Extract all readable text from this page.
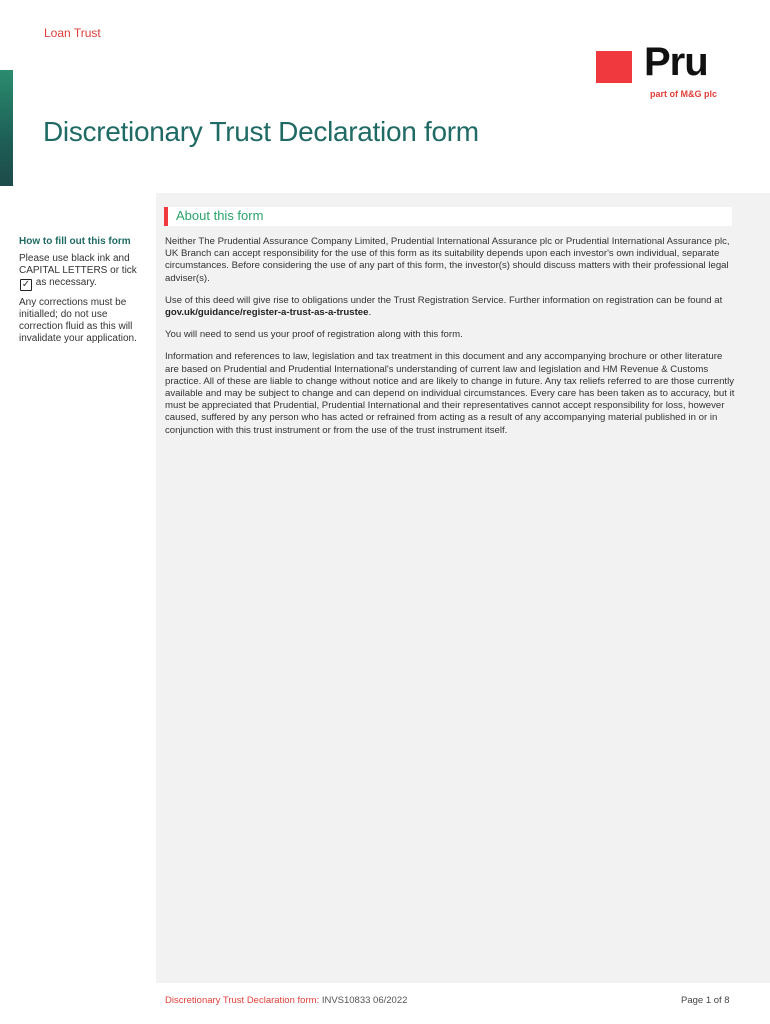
Loan Trust
Pru
part of M&G plc
Discretionary Trust Declaration form
About this form
How to fill out this form

Please use black ink and CAPITAL LETTERS or tick ✓ as necessary.

Any corrections must be initialled; do not use correction fluid as this will invalidate your application.

Neither The Prudential Assurance Company Limited, Prudential International Assurance plc or Prudential International Assurance plc, UK Branch can accept responsibility for the use of this form as its suitability depends upon each investor's own individual, separate circumstances. Before considering the use of any part of this form, the investor(s) should discuss matters with their professional legal adviser(s).

Use of this deed will give rise to obligations under the Trust Registration Service. Further information on registration can be found at gov.uk/guidance/register-a-trust-as-a-trustee.

You will need to send us your proof of registration along with this form.

Information and references to law, legislation and tax treatment in this document and any accompanying brochure or other literature are based on Prudential and Prudential International's understanding of current law and legislation and HM Revenue & Customs practice. All of these are liable to change without notice and are likely to change in future. Any tax reliefs referred to are those currently available and may be subject to change and can depend on individual circumstances. Every care has been taken as to accuracy, but it must be appreciated that Prudential, Prudential International and their representatives cannot accept responsibility for loss, however caused, suffered by any person who has acted or refrained from acting as a result of any accompanying material published in or in conjunction with this trust instrument or from the use of the trust instrument itself.

Discretionary Trust Declaration form: INVS10833 06/2022	Page 1 of 8
